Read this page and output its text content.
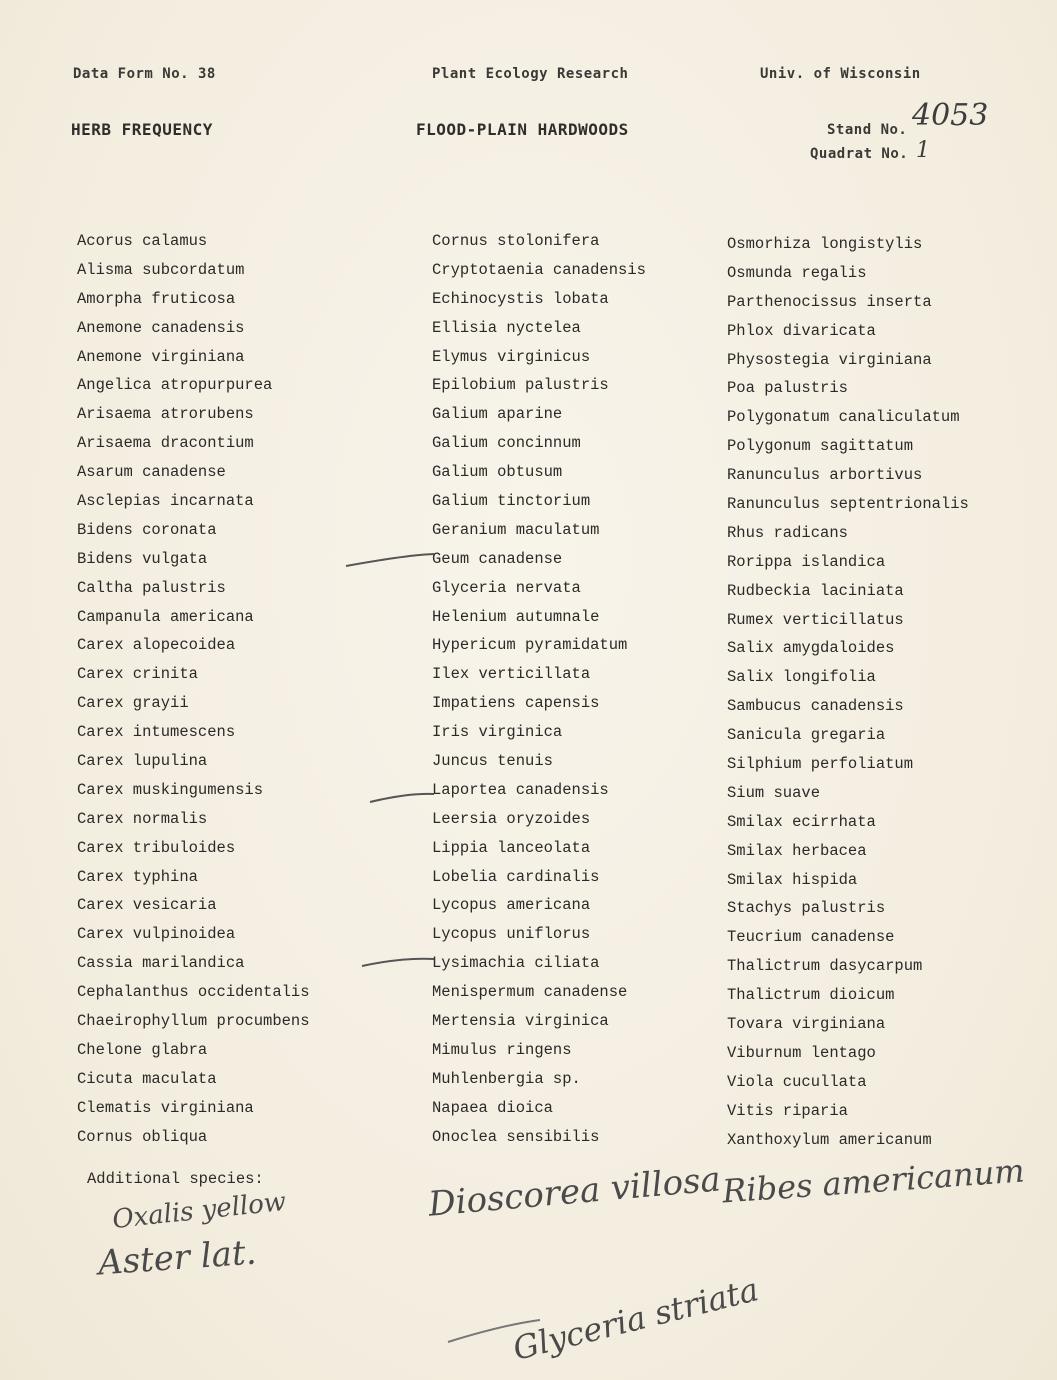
Data Form No. 38	Plant Ecology Research	Univ. of Wisconsin
HERB FREQUENCY	FLOOD-PLAIN HARDWOODS	Stand No. 4053
Quadrat No. 1
Acorus calamus
Alisma subcordatum
Amorpha fruticosa
Anemone canadensis
Anemone virginiana
Angelica atropurpurea
Arisaema atrorubens
Arisaema dracontium
Asarum canadense
Asclepias incarnata
Bidens coronata
Bidens vulgata
Caltha palustris
Campanula americana
Carex alopecoidea
Carex crinita
Carex grayii
Carex intumescens
Carex lupulina
Carex muskingumensis
Carex normalis
Carex tribuloides
Carex typhina
Carex vesicaria
Carex vulpinoidea
Cassia marilandica
Cephalanthus occidentalis
Chaeirophyllum procumbens
Chelone glabra
Cicuta maculata
Clematis virginiana
Cornus obliqua
Cornus stolonifera
Cryptotaenia canadensis
Echinocystis lobata
Ellisia nyctelea
Elymus virginicus
Epilobium palustris
Galium aparine
Galium concinnum
Galium obtusum
Galium tinctorium
Geranium maculatum
Geum canadense
Glyceria nervata
Helenium autumnale
Hypericum pyramidatum
Ilex verticillata
Impatiens capensis
Iris virginica
Juncus tenuis
Laportea canadensis
Leersia oryzoides
Lippia lanceolata
Lobelia cardinalis
Lycopus americana
Lycopus uniflorus
Lysimachia ciliata
Menispermum canadense
Mertensia virginica
Mimulus ringens
Muhlenbergia sp.
Napaea dioica
Onoclea sensibilis
Osmorhiza longistylis
Osmunda regalis
Parthenocissus inserta
Phlox divaricata
Physostegia virginiana
Poa palustris
Polygonatum canaliculatum
Polygonum sagittatum
Ranunculus arbortivus
Ranunculus septentrionalis
Rhus radicans
Rorippa islandica
Rudbeckia laciniata
Rumex verticillatus
Salix amygdaloides
Salix longifolia
Sambucus canadensis
Sanicula gregaria
Silphium perfoliatum
Sium suave
Smilax ecirrhata
Smilax herbacea
Smilax hispida
Stachys palustris
Teucrium canadense
Thalictrum dasycarpum
Thalictrum dioicum
Tovara virginiana
Viburnum lentago
Viola cucullata
Vitis riparia
Xanthoxylum americanum
Additional species:
Oxalis yellow
Aster lat.
Dioscorea villosa
Ribes americanum
Glyceria striata
